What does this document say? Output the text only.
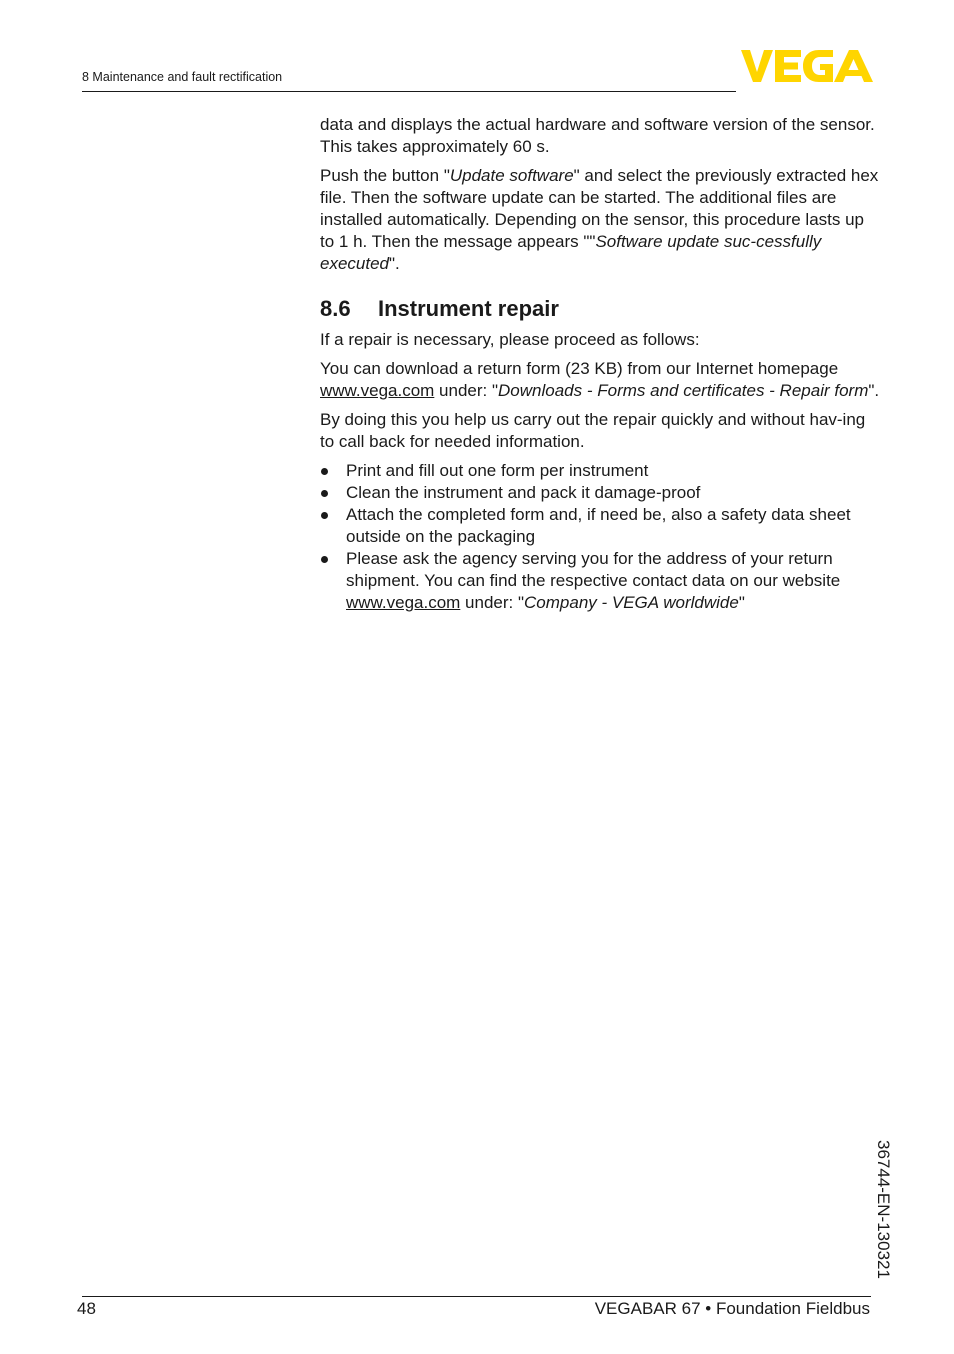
8 Maintenance and fault rectification

data and displays the actual hardware and software version of the sensor. This takes approximately 60 s.

Push the button "Update software" and select the previously extracted hex file. Then the software update can be started. The additional files are installed automatically. Depending on the sensor, this procedure lasts up to 1 h. Then the message appears ""Software update suc-cessfully executed".

8.6	Instrument repair

If a repair is necessary, please proceed as follows:

You can download a return form (23 KB) from our Internet homepage www.vega.com under: "Downloads - Forms and certificates - Repair form".

By doing this you help us carry out the repair quickly and without hav-ing to call back for needed information.

Print and fill out one form per instrument
Clean the instrument and pack it damage-proof
Attach the completed form and, if need be, also a safety data sheet outside on the packaging
Please ask the agency serving you for the address of your return shipment. You can find the respective contact data on our website www.vega.com under: "Company - VEGA worldwide"
36744-EN-130321
48	VEGABAR 67 • Foundation Fieldbus
